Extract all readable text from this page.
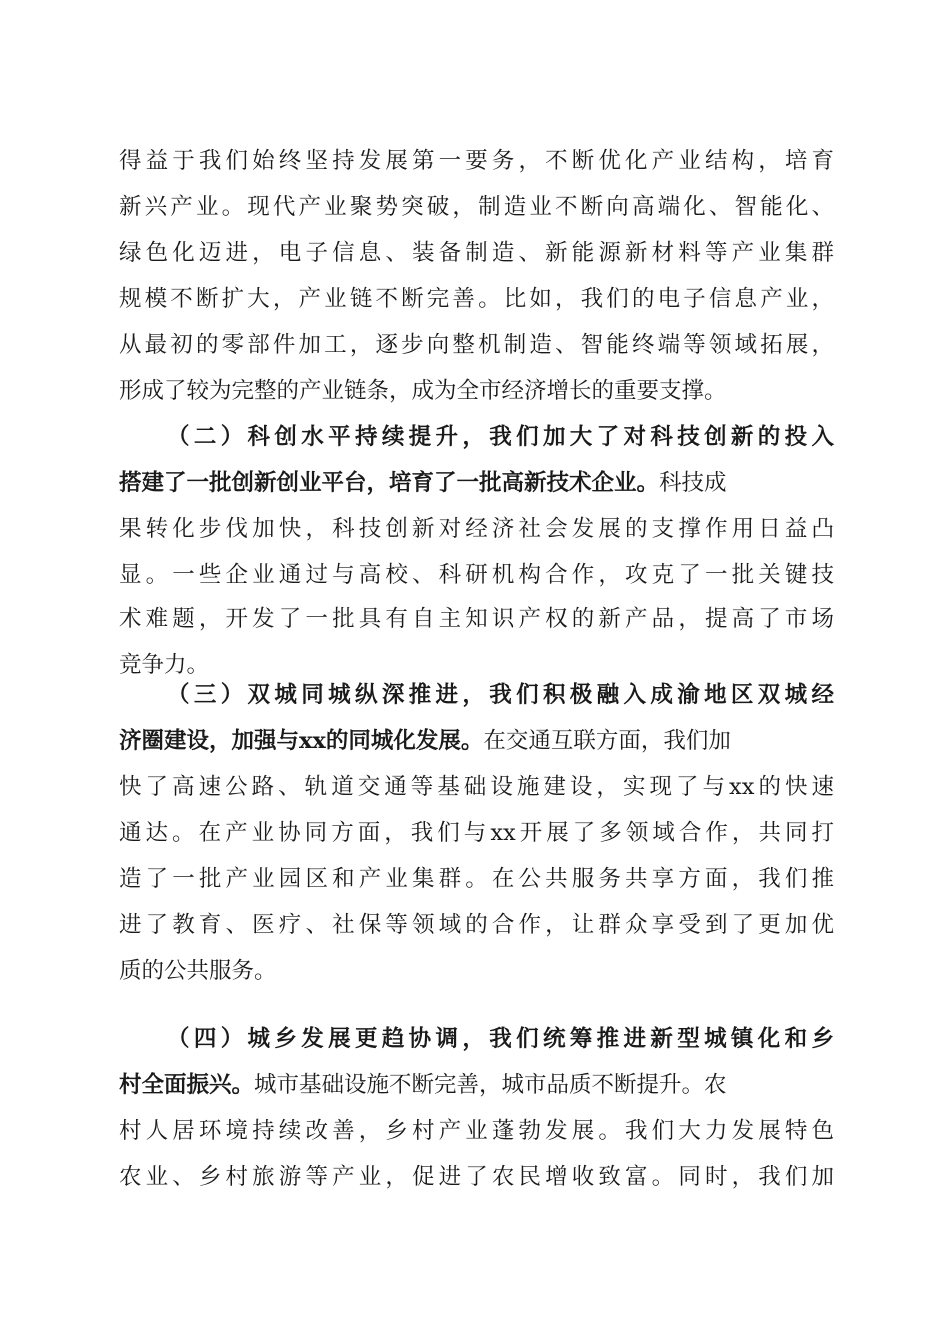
得益于我们始终坚持发展第一要务，不断优化产业结构，培育
新兴产业。现代产业聚势突破，制造业不断向高端化、智能化、
绿色化迈进，电子信息、装备制造、新能源新材料等产业集群
规模不断扩大，产业链不断完善。比如，我们的电子信息产业，
从最初的零部件加工，逐步向整机制造、智能终端等领域拓展，
形成了较为完整的产业链条，成为全市经济增长的重要支撑。
（二）科创水平持续提升，我们加大了对科技创新的投入
搭建了一批创新创业平台，培育了一批高新技术企业。科技成
果转化步伐加快，科技创新对经济社会发展的支撑作用日益凸
显。一些企业通过与高校、科研机构合作，攻克了一批关键技
术难题，开发了一批具有自主知识产权的新产品，提高了市场
竞争力。
（三）双城同城纵深推进，我们积极融入成渝地区双城经
济圈建设，加强与xx的同城化发展。在交通互联方面，我们加
快了高速公路、轨道交通等基础设施建设，实现了与xx的快速
通达。在产业协同方面，我们与xx开展了多领域合作，共同打
造了一批产业园区和产业集群。在公共服务共享方面，我们推
进了教育、医疗、社保等领域的合作，让群众享受到了更加优
质的公共服务。
（四）城乡发展更趋协调，我们统筹推进新型城镇化和乡
村全面振兴。城市基础设施不断完善，城市品质不断提升。农
村人居环境持续改善，乡村产业蓬勃发展。我们大力发展特色
农业、乡村旅游等产业，促进了农民增收致富。同时，我们加
